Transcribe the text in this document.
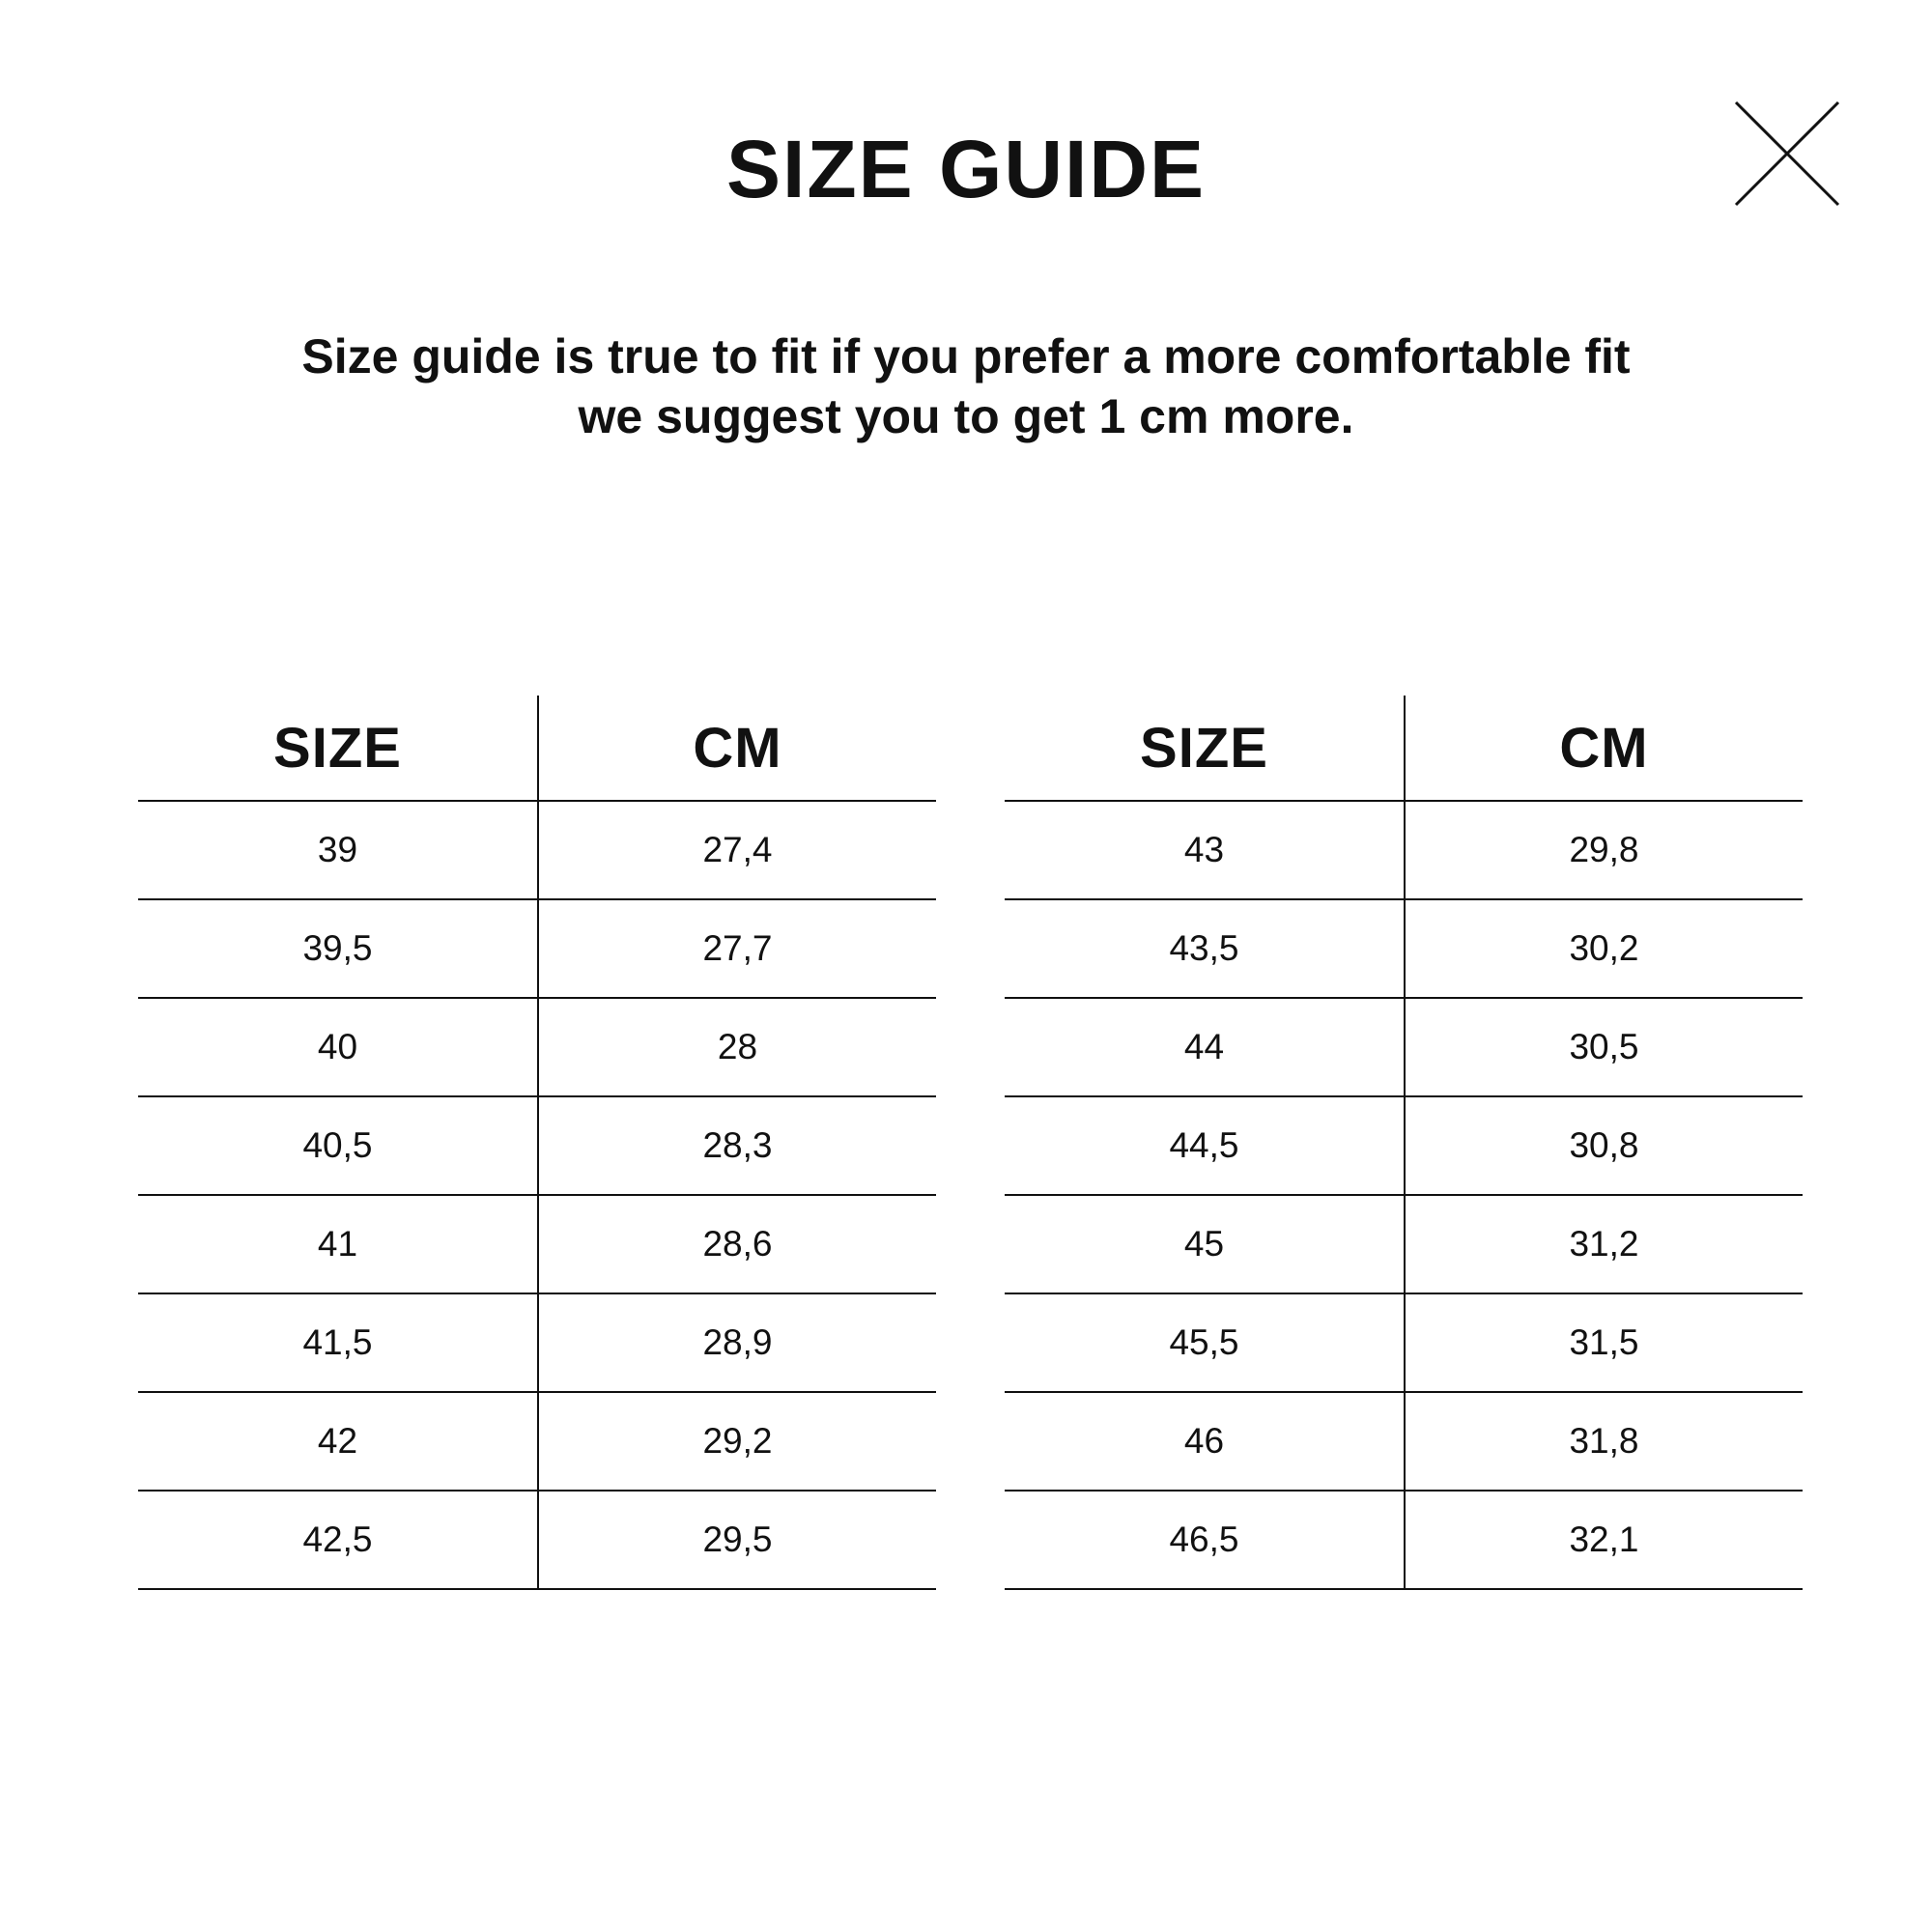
SIZE GUIDE

Size guide is true to fit if you prefer a more comfortable fit
we suggest you to get 1 cm more.

SIZE	CM
39	27,4
39,5	27,7
40	28
40,5	28,3
41	28,6
41,5	28,9
42	29,2
42,5	29,5
SIZE	CM
43	29,8
43,5	30,2
44	30,5
44,5	30,8
45	31,2
45,5	31,5
46	31,8
46,5	32,1
